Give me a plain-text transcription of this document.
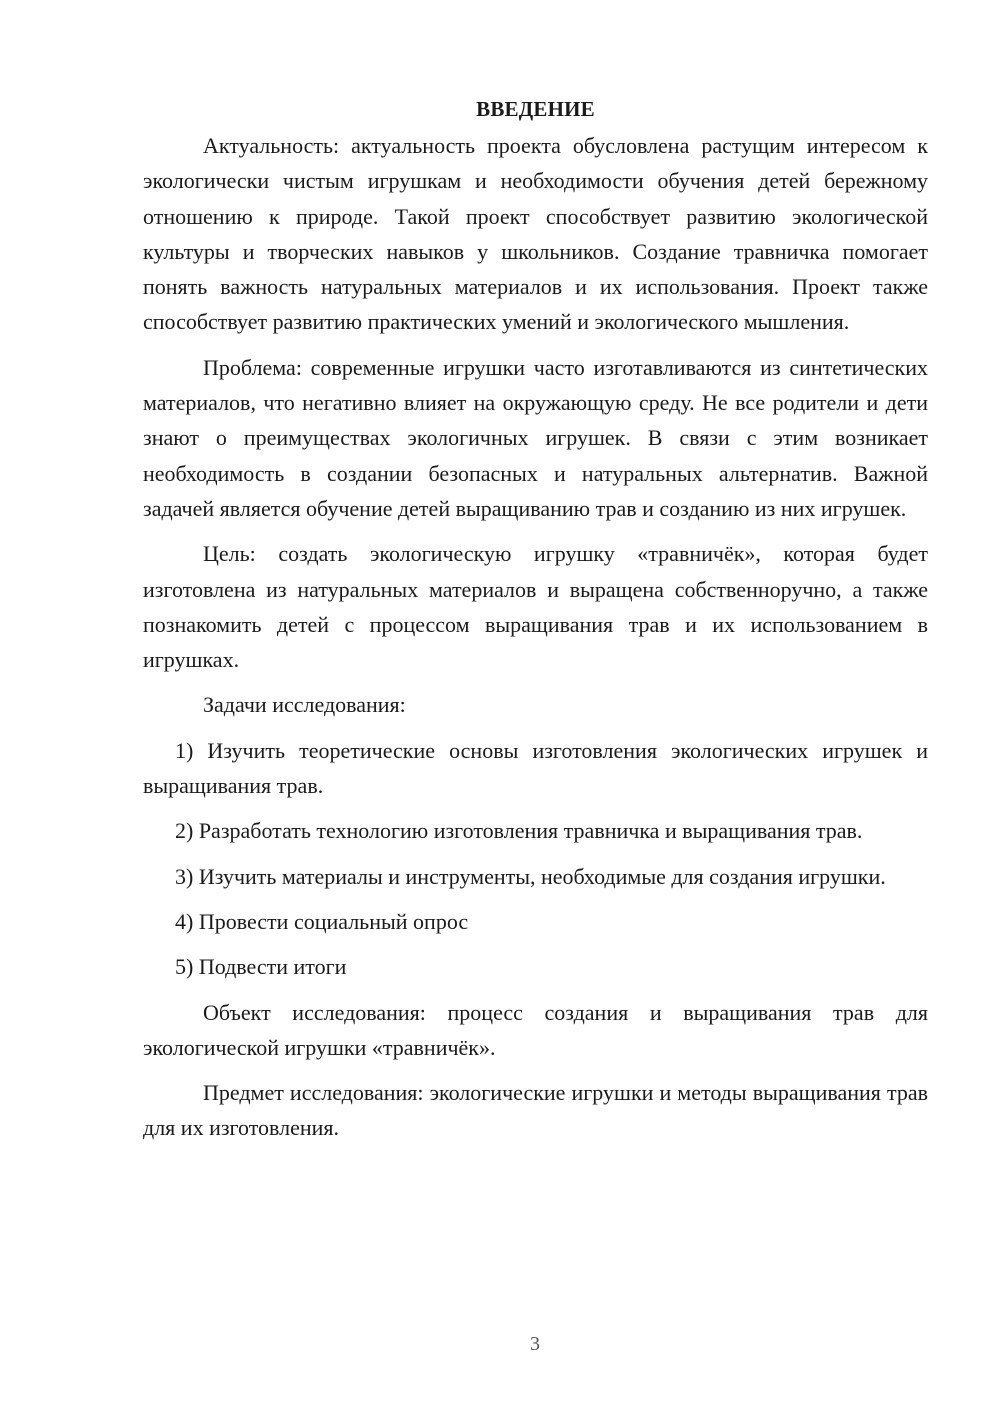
ВВЕДЕНИЕ

Актуальность: актуальность проекта обусловлена растущим интересом к экологически чистым игрушкам и необходимости обучения детей бережному отношению к природе. Такой проект способствует развитию экологической культуры и творческих навыков у школьников. Создание травничка помогает понять важность натуральных материалов и их использования. Проект также способствует развитию практических умений и экологического мышления.

Проблема: современные игрушки часто изготавливаются из синтетических материалов, что негативно влияет на окружающую среду. Не все родители и дети знают о преимуществах экологичных игрушек. В связи с этим возникает необходимость в создании безопасных и натуральных альтернатив. Важной задачей является обучение детей выращиванию трав и созданию из них игрушек.

Цель: создать экологическую игрушку «травничёк», которая будет изготовлена из натуральных материалов и выращена собственноручно, а также познакомить детей с процессом выращивания трав и их использованием в игрушках.

Задачи исследования:

1) Изучить теоретические основы изготовления экологических игрушек и выращивания трав.

2) Разработать технологию изготовления травничка и выращивания трав.

3) Изучить материалы и инструменты, необходимые для создания игрушки.

4) Провести социальный опрос

5) Подвести итоги

Объект исследования: процесс создания и выращивания трав для экологической игрушки «травничёк».

Предмет исследования: экологические игрушки и методы выращивания трав для их изготовления.

3
